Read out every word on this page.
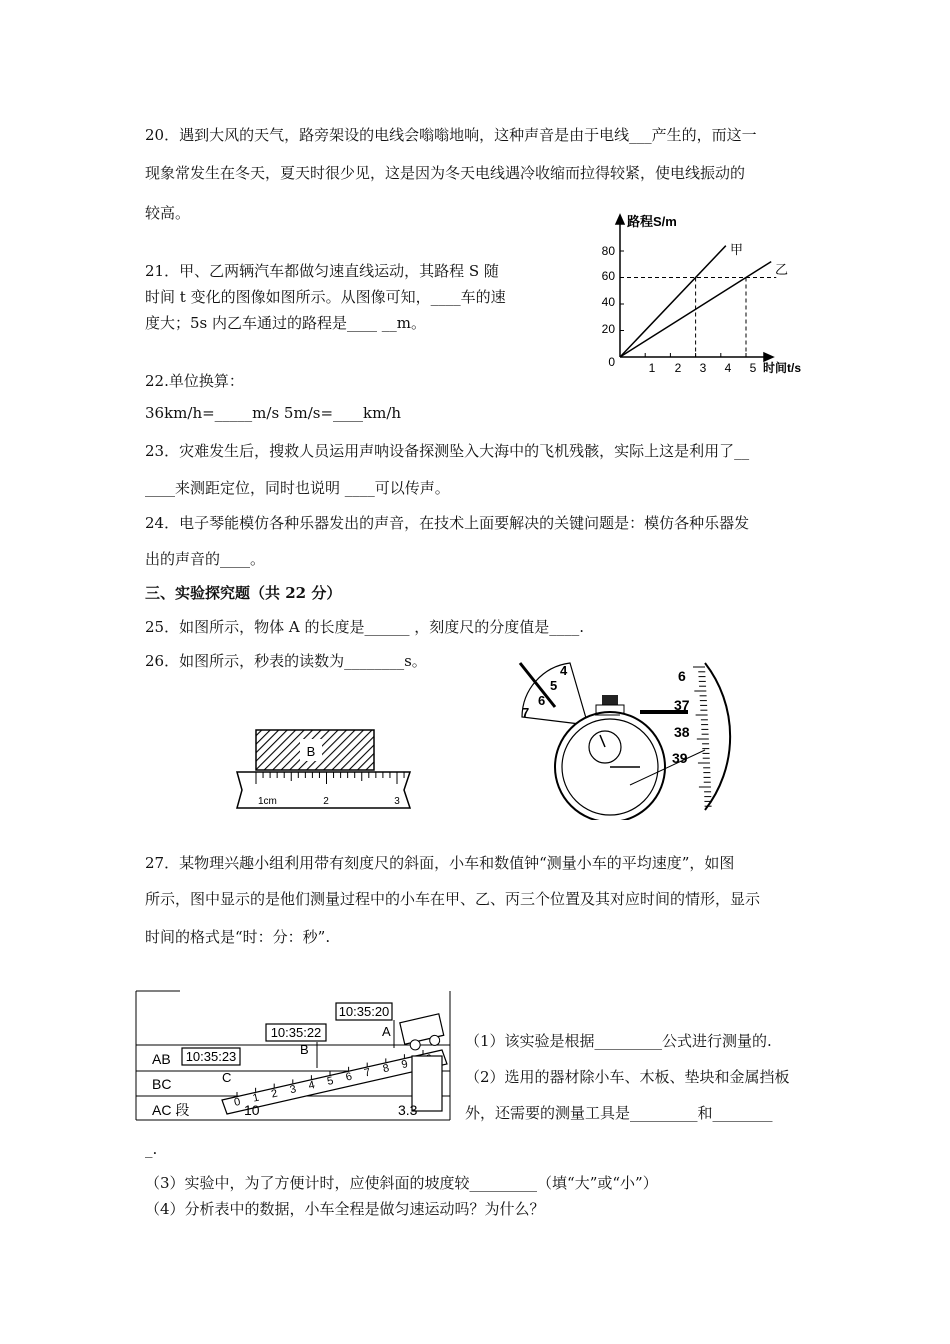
20．遇到大风的天气，路旁架设的电线会嗡嗡地响，这种声音是由于电线___产生的，而这一
现象常发生在冬天，夏天时很少见，这是因为冬天电线遇冷收缩而拉得较紧，使电线振动的
较高。
21．甲、乙两辆汽车都做匀速直线运动，其路程 S 随
时间 t 变化的图像如图所示。从图像可知，____车的速
度大；5s 内乙车通过的路程是____ __m。
路程S/m
时间t/s
0
80
60
40
20
1 2 3 4 5
甲
乙
22.单位换算：
36km/h=_____m/s 5m/s=____km/h
23．灾难发生后，搜救人员运用声呐设备探测坠入大海中的飞机残骸，实际上这是利用了__
____来测距定位，同时也说明 ____可以传声。
24．电子琴能模仿各种乐器发出的声音，在技术上面要解决的关键问题是：模仿各种乐器发
出的声音的____。
三、实验探究题（共 22 分）
25．如图所示，物体 A 的长度是______ ，刻度尺的分度值是____.
26．如图所示，秒表的读数为________s。
B
1cm	2	3
4
5
6
7
6
37
38
39
27．某物理兴趣小组利用带有刻度尺的斜面，小车和数值钟“测量小车的平均速度”，如图
所示，图中显示的是他们测量过程中的小车在甲、乙、丙三个位置及其对应时间的情形，显示
时间的格式是“时：分：秒”.
0 1 2 3 4 5 6 7 8 9
10:35:20
10:35:22
10:35:23
A
B
C
AB
BC
AC 段	10	3.3
（1）该实验是根据_________公式进行测量的.
（2）选用的器材除小车、木板、垫块和金属挡板
外，还需要的测量工具是_________和________
_.
（3）实验中，为了方便计时，应使斜面的坡度较_________（填“大”或“小”）
（4）分析表中的数据，小车全程是做匀速运动吗？为什么？
